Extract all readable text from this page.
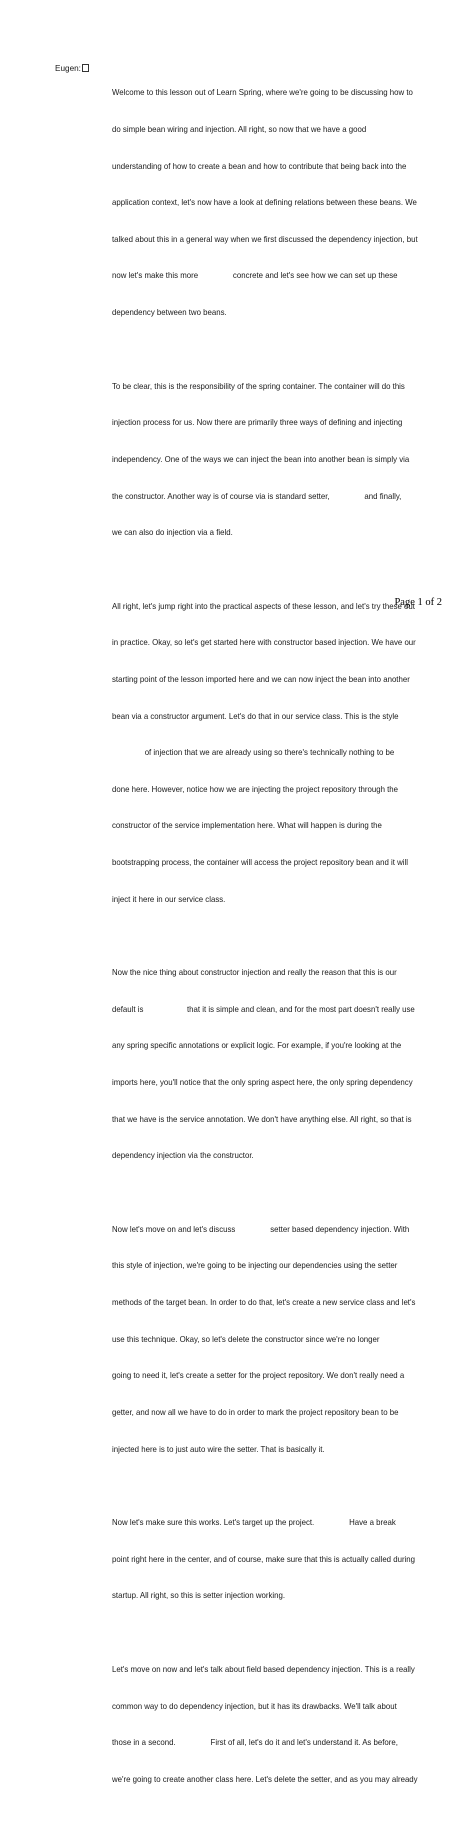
Eugen:

Welcome to this lesson out of Learn Spring, where we're going to be discussing how to

do simple bean wiring and injection. All right, so now that we have a good

understanding of how to create a bean and how to contribute that being back into the

application context, let's now have a look at defining relations between these beans. We

talked about this in a general way when we first discussed the dependency injection, but

now let's make this more                concrete and let's see how we can set up these

dependency between two beans.

To be clear, this is the responsibility of the spring container. The container will do this

injection process for us. Now there are primarily three ways of defining and injecting

independency. One of the ways we can inject the bean into another bean is simply via

the constructor. Another way is of course via is standard setter,                and finally,

we can also do injection via a field.

All right, let's jump right into the practical aspects of these lesson, and let's try these out

in practice. Okay, so let's get started here with constructor based injection. We have our

starting point of the lesson imported here and we can now inject the bean into another

bean via a constructor argument. Let's do that in our service class. This is the style

of injection that we are already using so there's technically nothing to be

done here. However, notice how we are injecting the project repository through the

constructor of the service implementation here. What will happen is during the

bootstrapping process, the container will access the project repository bean and it will

inject it here in our service class.

Now the nice thing about constructor injection and really the reason that this is our

default is                    that it is simple and clean, and for the most part doesn't really use

any spring specific annotations or explicit logic. For example, if you're looking at the

imports here, you'll notice that the only spring aspect here, the only spring dependency

that we have is the service annotation. We don't have anything else. All right, so that is

dependency injection via the constructor.

Now let's move on and let's discuss                setter based dependency injection. With

this style of injection, we're going to be injecting our dependencies using the setter

methods of the target bean. In order to do that, let's create a new service class and let's

use this technique. Okay, so let's delete the constructor since we're no longer

going to need it, let's create a setter for the project repository. We don't really need a

getter, and now all we have to do in order to mark the project repository bean to be

injected here is to just auto wire the setter. That is basically it.

Now let's make sure this works. Let's target up the project.                Have a break

point right here in the center, and of course, make sure that this is actually called during

startup. All right, so this is setter injection working.

Let's move on now and let's talk about field based dependency injection. This is a really

common way to do dependency injection, but it has its drawbacks. We'll talk about

those in a second.                First of all, let's do it and let's understand it. As before,

we're going to create another class here. Let's delete the setter, and as you may already

Page 1 of 2
